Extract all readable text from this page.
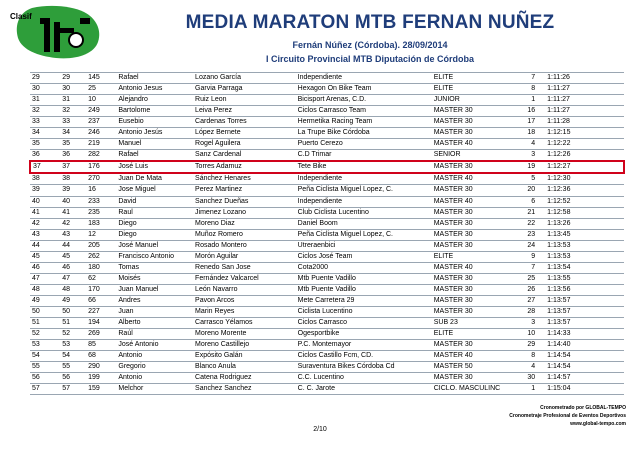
Clasif	MEDIA MARATON MTB FERNAN NUÑEZ
Fernán Núñez (Córdoba). 28/09/2014
I Circuito Provincial MTB Diputación de Córdoba
29	29	145	Rafael	Lozano García	Independiente	ELITE	7	1:11:26
30	30	25	Antonio Jesus	Garvia Parraga	Hexagon On Bike Team	ELITE	8	1:11:27
31	31	10	Alejandro	Ruiz Leon	Bicisport Arenas, C.D.	JUNIOR	1	1:11:27
32	32	249	Bartolome	Leiva Perez	Ciclos Carrasco Team	MASTER 30	16	1:11:27
33	33	237	Eusebio	Cardenas Torres	Hermetika Racing Team	MASTER 30	17	1:11:28
34	34	246	Antonio Jesús	López Bernete	La Trupe Bike Córdoba	MASTER 30	18	1:12:15
35	35	219	Manuel	Rogel Aguilera	Puerto Cerezo	MASTER 40	4	1:12:22
36	36	282	Rafael	Sanz Cardenal	C.D Trimar	SENIOR	3	1:12:26
37	37	176	José Luis	Torres Adamuz	Tete Bike	MASTER 30	19	1:12:27
38	38	270	Juan De Mata	Sánchez Henares	Independiente	MASTER 40	5	1:12:30
39	39	16	Jose Miguel	Perez Martinez	Peña Ciclista Miguel Lopez, C.	MASTER 30	20	1:12:36
40	40	233	David	Sanchez Dueñas	Independiente	MASTER 40	6	1:12:52
41	41	235	Raul	Jimenez Lozano	Club Ciclista Lucentino	MASTER 30	21	1:12:58
42	42	183	Diego	Moreno Diaz	Daniel Boom	MASTER 30	22	1:13:26
43	43	12	Diego	Muñoz Romero	Peña Ciclista Miguel Lopez, C.	MASTER 30	23	1:13:45
44	44	205	José Manuel	Rosado Montero	Utreraenbici	MASTER 30	24	1:13:53
45	45	262	Francisco Antonio	Morón Aguilar	Ciclos José Team	ELITE	9	1:13:53
46	46	180	Tomas	Renedo San Jose	Cota2000	MASTER 40	7	1:13:54
47	47	62	Moisés	Fernández Valcarcel	Mtb Puente Vadillo	MASTER 30	25	1:13:55
48	48	170	Juan Manuel	León Navarro	Mtb Puente Vadillo	MASTER 30	26	1:13:56
49	49	66	Andres	Pavon Arcos	Mete Carretera 29	MASTER 30	27	1:13:57
50	50	227	Juan	Marin Reyes	Ciclista Lucentino	MASTER 30	28	1:13:57
51	51	194	Alberto	Carrasco Yélamos	Ciclos Carrasco	SUB 23	3	1:13:57
52	52	269	Raúl	Moreno Morente	Ogesportbike	ELITE	10	1:14:33
53	53	85	José Antonio	Moreno Castillejo	P.C. Montemayor	MASTER 30	29	1:14:40
54	54	68	Antonio	Expósito Galán	Ciclos Castillo Fcm, CD.	MASTER 40	8	1:14:54
55	55	290	Gregorio	Blanco Anula	Suraventura Bikes Córdoba Cd	MASTER 50	4	1:14:54
56	56	199	Antonio	Catena Rodriguez	C.C. Lucentino	MASTER 30	30	1:14:57
57	57	159	Melchor	Sanchez Sanchez	C. C. Jarote	CICLO. MASCULINC	1	1:15:04
Cronometrado por GLOBAL-TEMPO
Cronometraje Profesional de Eventos Deportivos
www.global-tempo.com
2/10
